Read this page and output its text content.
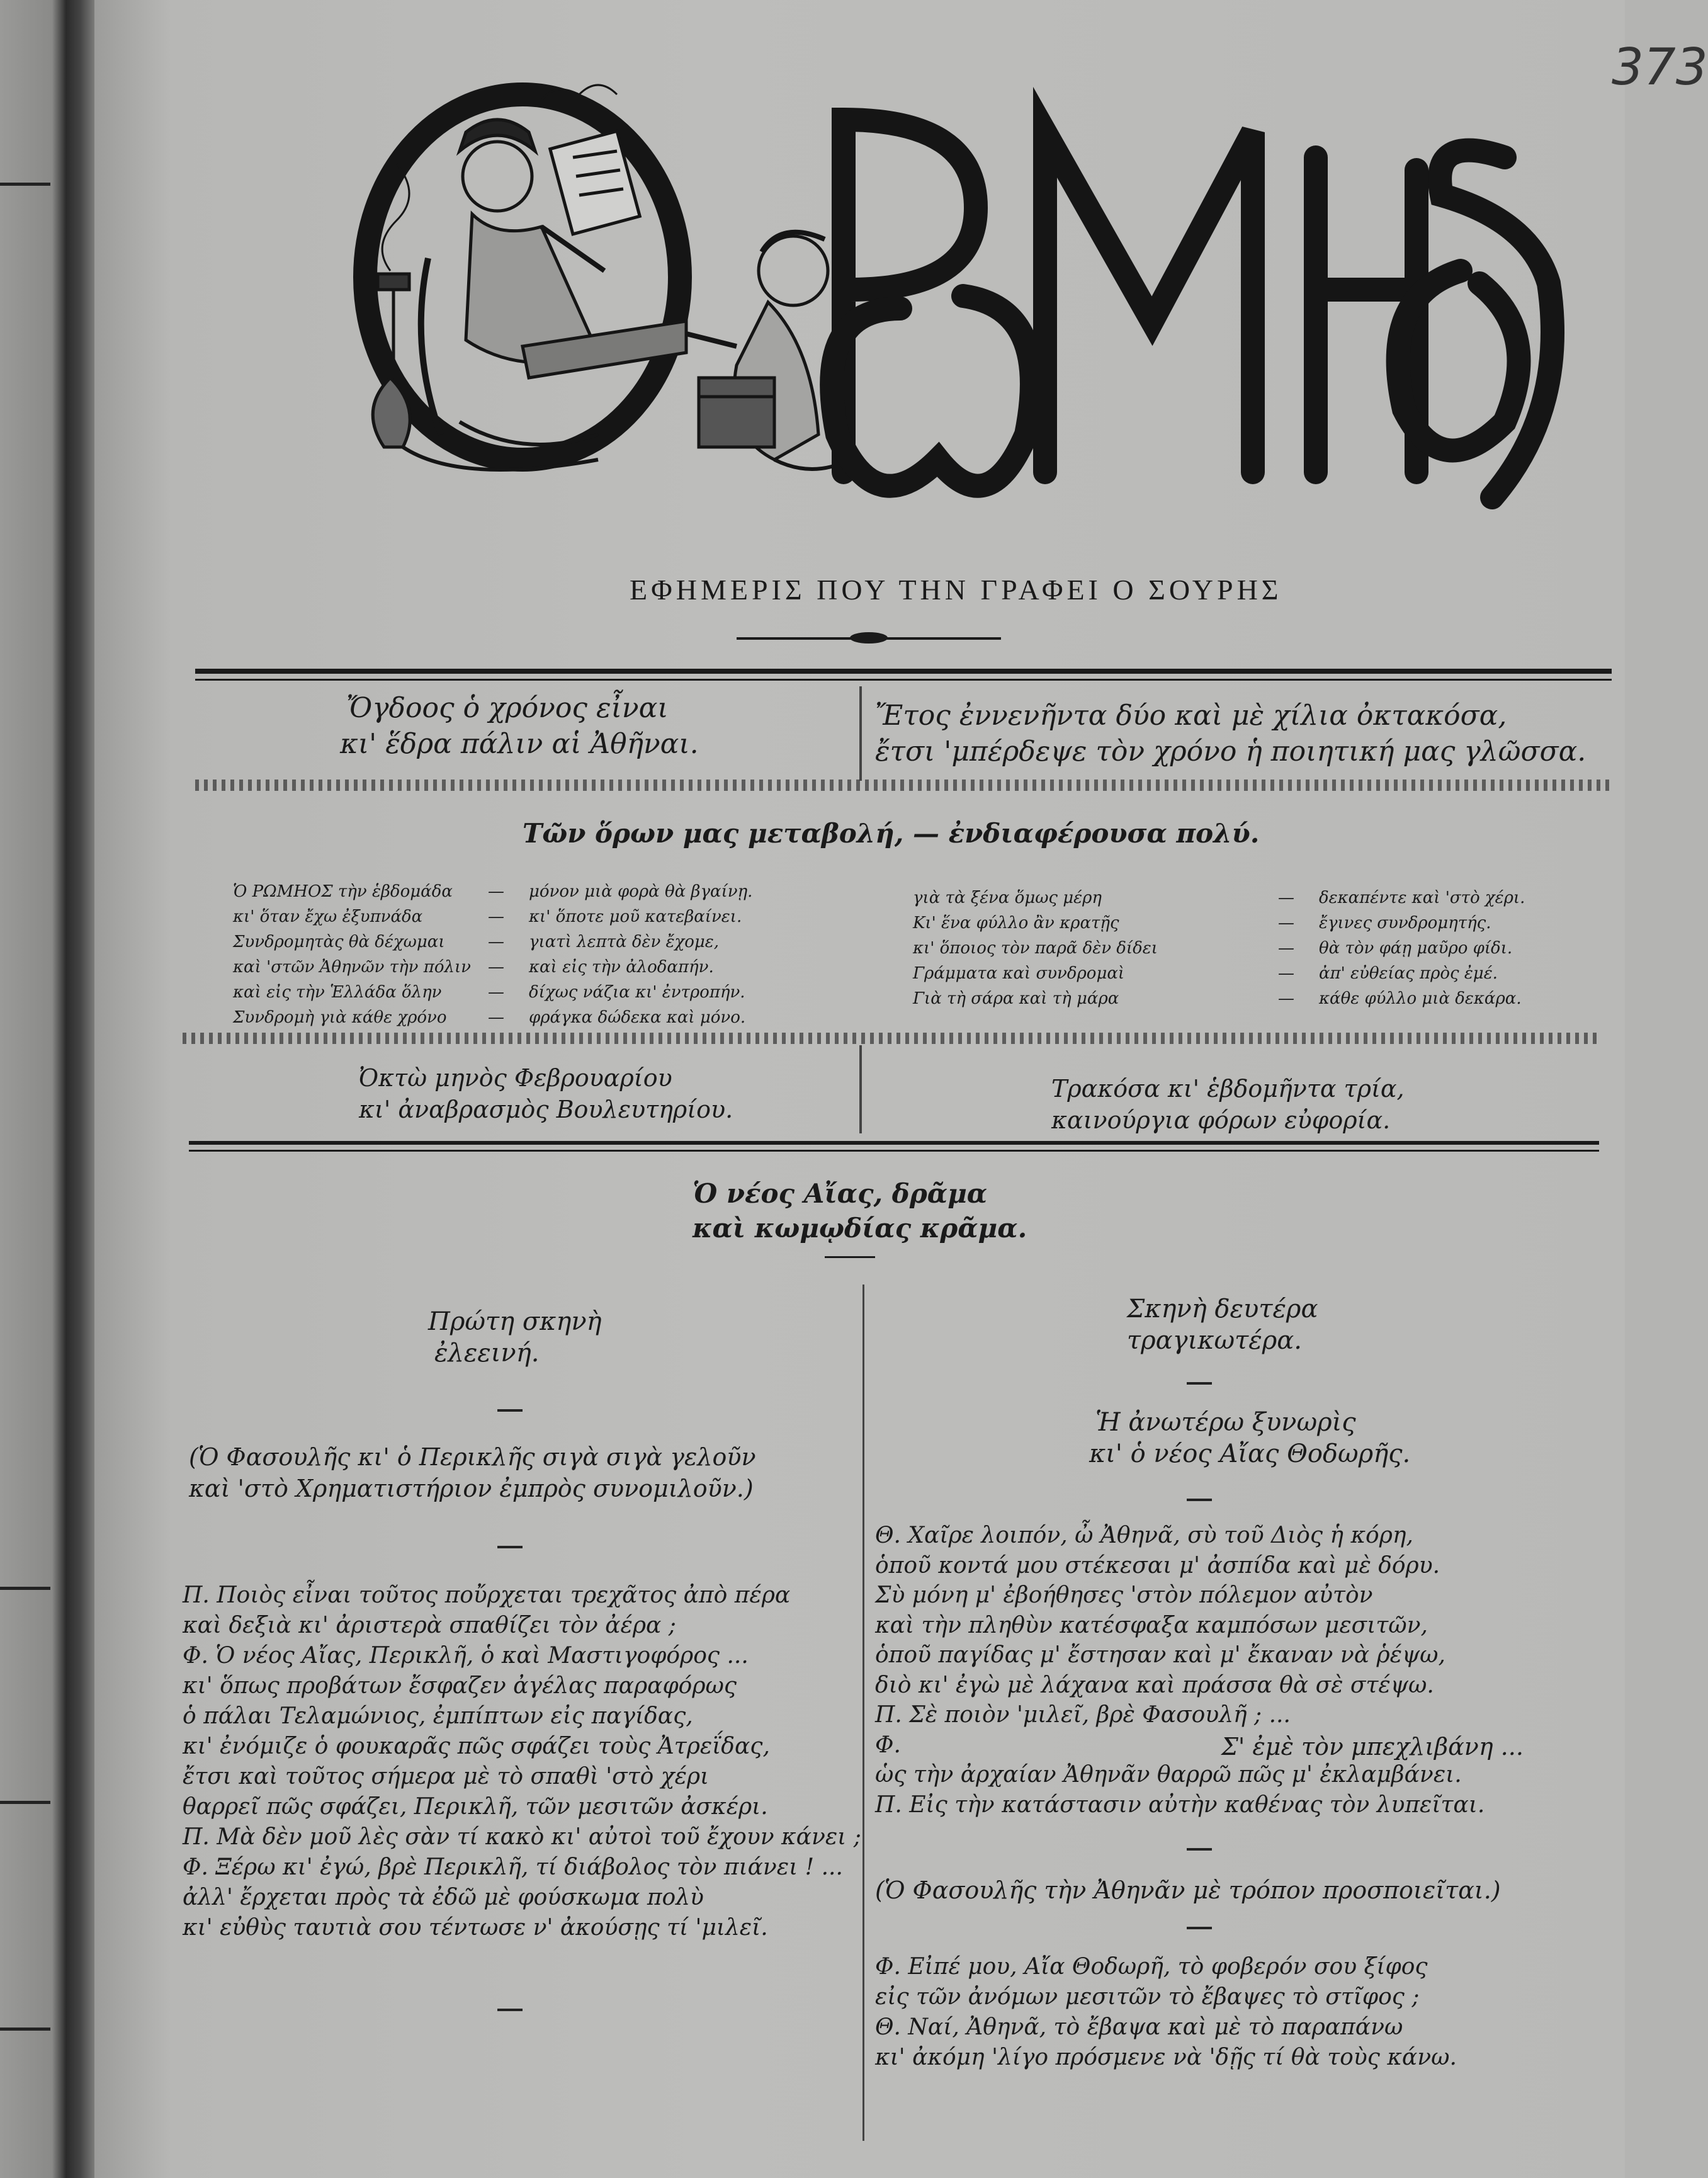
373
ΡΩΜΗΟΣ
ΕΦΗΜΕΡΙΣ ΠΟΥ ΤΗΝ ΓΡΑΦΕΙ Ο ΣΟΥΡΗΣ
Ὄγδοος ὁ χρόνος εἶναι
κι' ἕδρα πάλιν αἱ Ἀθῆναι.
Ἔτος ἐννενῆντα δύο καὶ μὲ χίλια ὀκτακόσα,
ἔτσι 'μπέρδεψε τὸν χρόνο ἡ ποιητική μας γλῶσσα.
Τῶν ὅρων μας μεταβολή, — ἐνδιαφέρουσα πολύ.
Ὁ ΡΩΜΗΟΣ τὴν ἑβδομάδα — μόνον μιὰ φορὰ θὰ βγαίνῃ.
κι' ὅταν ἔχω ἐξυπνάδα	— κι' ὅποτε μοῦ κατεβαίνει.
Συνδρομητὰς θὰ δέχωμαι	— γιατὶ λεπτὰ δὲν ἔχομε,
καὶ 'στῶν Ἀθηνῶν τὴν πόλιν — καὶ εἰς τὴν ἀλοδαπήν.
καὶ εἰς τὴν Ἑλλάδα ὅλην	— δίχως νάζια κι' ἐντροπήν.
Συνδρομὴ γιὰ κάθε χρόνο	— φράγκα δώδεκα καὶ μόνο.
γιὰ τὰ ξένα ὅμως μέρη	— δεκαπέντε καὶ 'στὸ χέρι.
Κι' ἕνα φύλλο ἂν κρατῇς	— ἔγινες συνδρομητής.
κι' ὅποιος τὸν παρᾶ δὲν δίδει	— θὰ τὸν φάῃ μαῦρο φίδι.
Γράμματα καὶ συνδρομαὶ	— ἀπ' εὐθείας πρὸς ἐμέ.
Γιὰ τὴ σάρα καὶ τὴ μάρα	— κάθε φύλλο μιὰ δεκάρα.
Ὀκτὼ μηνὸς Φεβρουαρίου
κι' ἀναβρασμὸς Βουλευτηρίου.
Τρακόσα κι' ἑβδομῆντα τρία,
καινούργια φόρων εὐφορία.
Ὁ νέος Αἴας, δρᾶμα
καὶ κωμῳδίας κρᾶμα.
Πρώτη σκηνὴ
ἐλεεινή.
(Ὁ Φασουλῆς κι' ὁ Περικλῆς σιγὰ σιγὰ γελοῦν
καὶ 'στὸ Χρηματιστήριον ἐμπρὸς συνομιλοῦν.)
Π. Ποιὸς εἶναι τοῦτος ποὔρχεται τρεχᾶτος ἀπὸ πέρα
καὶ δεξιὰ κι' ἀριστερὰ σπαθίζει τὸν ἀέρα ;
Φ. Ὁ νέος Αἴας, Περικλῆ, ὁ καὶ Μαστιγοφόρος ...
κι' ὅπως προβάτων ἔσφαζεν ἀγέλας παραφόρως
ὁ πάλαι Τελαμώνιος, ἐμπίπτων εἰς παγίδας,
κι' ἐνόμιζε ὁ φουκαρᾶς πῶς σφάζει τοὺς Ἀτρεΐδας,
ἔτσι καὶ τοῦτος σήμερα μὲ τὸ σπαθὶ 'στὸ χέρι
θαρρεῖ πῶς σφάζει, Περικλῆ, τῶν μεσιτῶν ἀσκέρι.
Π. Μὰ δὲν μοῦ λὲς σὰν τί κακὸ κι' αὐτοὶ τοῦ ἔχουν κάνει ;
Φ. Ξέρω κι' ἐγώ, βρὲ Περικλῆ, τί διάβολος τὸν πιάνει ! ...
ἀλλ' ἔρχεται πρὸς τὰ ἐδῶ μὲ φούσκωμα πολὺ
κι' εὐθὺς ταυτιὰ σου τέντωσε ν' ἀκούσῃς τί 'μιλεῖ.
Σκηνὴ δευτέρα
τραγικωτέρα.
Ἡ ἀνωτέρω ξυνωρὶς
κι' ὁ νέος Αἴας Θοδωρῆς.
Θ. Χαῖρε λοιπόν, ὦ Ἀθηνᾶ, σὺ τοῦ Διὸς ἡ κόρη,
ὁποῦ κοντά μου στέκεσαι μ' ἀσπίδα καὶ μὲ δόρυ.
Σὺ μόνη μ' ἐβοήθησες 'στὸν πόλεμον αὐτὸν
καὶ τὴν πληθὺν κατέσφαξα καμπόσων μεσιτῶν,
ὁποῦ παγίδας μ' ἔστησαν καὶ μ' ἔκαναν νὰ ῥέψω,
διὸ κι' ἐγὼ μὲ λάχανα καὶ πράσσα θὰ σὲ στέψω.
Π. Σὲ ποιὸν 'μιλεῖ, βρὲ Φασουλῆ ; ...
Φ.
ὡς τὴν ἀρχαίαν Ἀθηνᾶν θαρρῶ πῶς μ' ἐκλαμβάνει.
Π. Εἰς τὴν κατάστασιν αὐτὴν καθένας τὸν λυπεῖται.
Σ' ἐμὲ τὸν μπεχλιβάνη ...
(Ὁ Φασουλῆς τὴν Ἀθηνᾶν μὲ τρόπον προσποιεῖται.)
Φ. Εἰπέ μου, Αἴα Θοδωρῆ, τὸ φοβερόν σου ξίφος
εἰς τῶν ἀνόμων μεσιτῶν τὸ ἔβαψες τὸ στῖφος ;
Θ. Ναί, Ἀθηνᾶ, τὸ ἔβαψα καὶ μὲ τὸ παραπάνω
κι' ἀκόμη 'λίγο πρόσμενε νὰ 'δῇς τί θὰ τοὺς κάνω.
